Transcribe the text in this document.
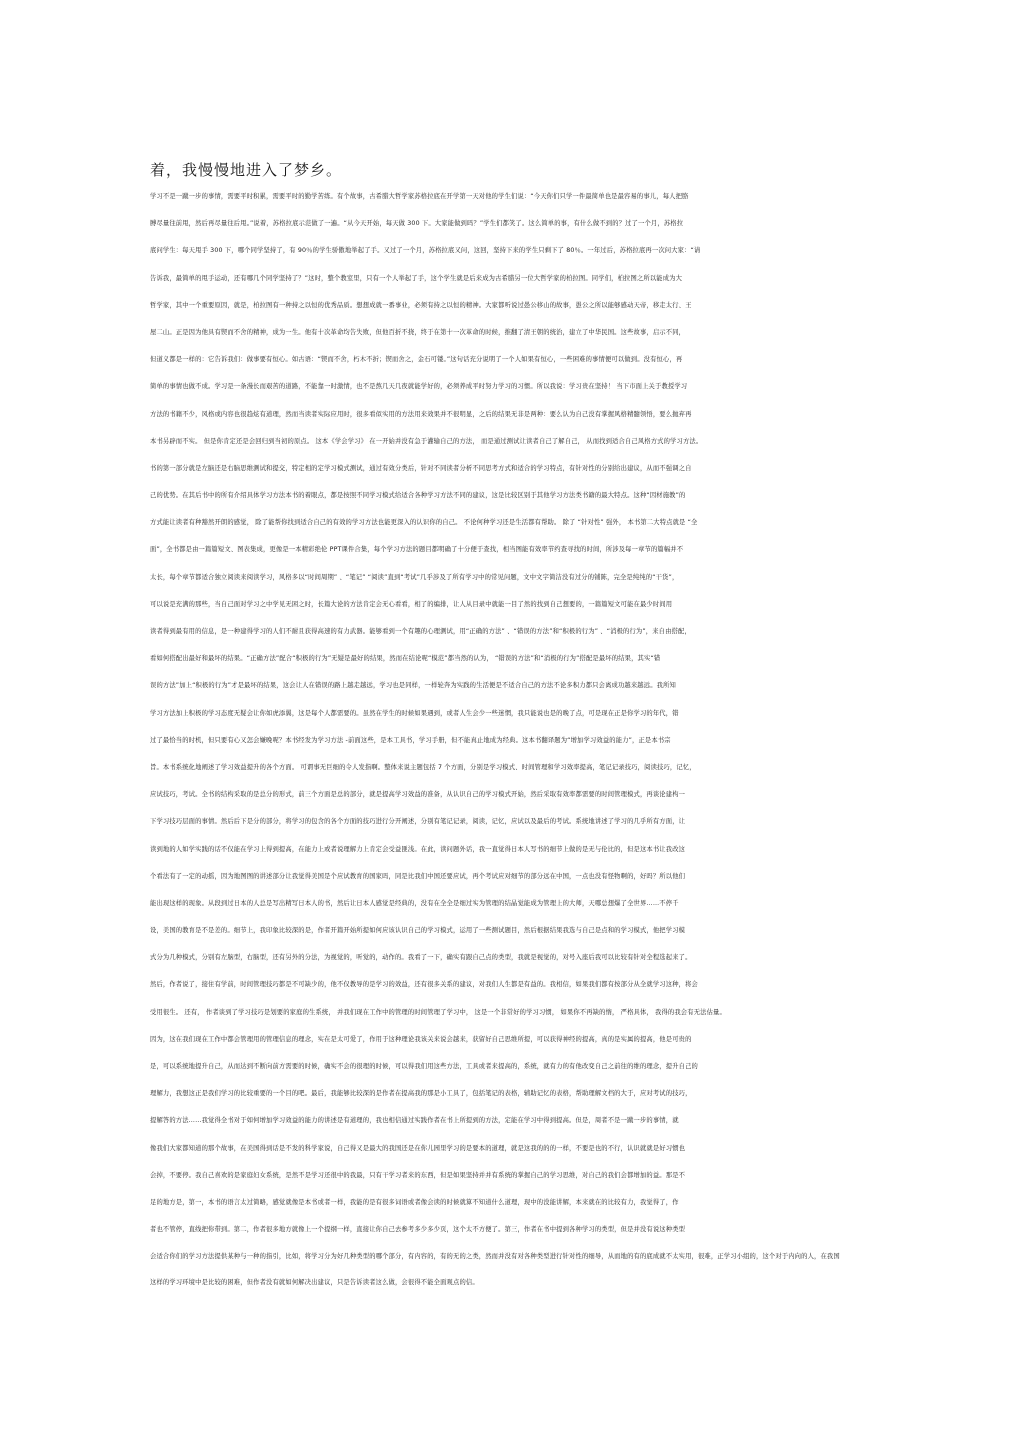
着，我慢慢地进入了梦乡。
学习不是一蹴一步的事情，需要平时积累，需要平时的勤学苦练。有个故事，古希腊大哲学家苏格拉底在开学第一天对他的学生们说：“今天你们只学一件最简单也是最容易的事儿，每人把胳
膊尽量往前甩，然后再尽量往后甩。”说着，苏格拉底示范做了一遍。“从今天开始，每天做 300 下。大家能做到吗？”学生们都笑了。这么简单的事，有什么做不到的？过了一个月，苏格拉
底问学生：每天甩手 300 下，哪个同学坚持了，有 90％的学生骄傲地举起了手。又过了一个月，苏格拉底又问，这回，坚持下来的学生只剩下了 80％。一年过后，苏格拉底再一次问大家：“请
告诉我，最简单的甩手运动，还有哪几个同学坚持了？”这时，整个教室里，只有一个人举起了手，这个学生就是后来成为古希腊另一位大哲学家的柏拉图。同学们，柏拉图之所以能成为大
哲学家，其中一个重要原因，就是，柏拉图有一种持之以恒的优秀品质。想想成就一番事业，必须有持之以恒的精神。大家都听说过愚公移山的故事，愚公之所以能够感动天帝，移走太行、王
屋二山。正是因为他具有锲而不舍的精神，成为一生。他有十次革命均告失败，但他百折不挠，终于在第十一次革命的时候，推翻了清王朝的统治，建立了中华民国。这些故事，启示不同，
但道义都是一样的：它告诉我们：做事要有恒心。如古语：“锲而不舍，朽木不折；锲而舍之，金石可镂。”这句话充分说明了一个人如果有恒心，一些困难的事情便可以做到。没有恒心，再
简单的事情也做不成。学习是一条漫长而艰苦的道路，不能靠一时激情，也不是熬几天几夜就能学好的，必须养成平时努力学习的习惯。所以我说：学习贵在坚持！ 当下市面上关于教授学习
方法的书籍不少，风格或内容也很趋炫有道理，然而当读者实际应用时，很多看似实用的方法用来效果并不很明显，之后的结果无非是两种：要么认为自己没有掌握风格精髓领悟，要么抛弃再
本书另辟而不实。 但是你肯定还是会回归到当初的原点。 这本《学会学习》 在一开始并没有急于灌输自己的方法， 而是通过测试让读者自己了解自己， 从而找到适合自己风格方式的学习方法。
书的第一部分就是左脑还是右脑思维测试和提交，特定相的定学习模式测试，通过有效分类后，针对不同读者分析不同思考方式和适合的学习特点，有针对性的分别给出建议，从而不强调之自
己的优势。在其后书中的所有介绍具体学习方法本书的着眼点，都是按照不同学习模式给适合各种学习方法不同的建议，这是比较区别于其他学习方法类书籍的最大特点。这种“因材施教”的
方式能让读者有种豁然开朗的感觉， 除了能帮你找到适合自己的有效的学习方法也能更深入的认识你的自己。 不论何种学习还是生活都有帮助。 除了 “针对性” 强外， 本书第二大特点就是 “全
面”，全书都是由一篇篇短文、图表集成，更像是一本精彩绝伦 PPT课件合集，每个学习方法的题目都明确了十分便于查找，相当图能有效率节约查寻找的时间，所涉及每一章节的篇幅并不
太长，每个章节都适合独立阅读来阅读学习，风格多以“时间周期” 、“笔记” “阅读”直到“考试”几乎涉及了所有学习中的常见问题，文中文字简洁没有过分的铺陈，完全是纯纯的“干货”，
可以说是充满的那些，当自己面对学习之中学见无困之时，长篇大论的方法肯定会无心看看，相了的编排，让人从目录中就能一目了然的找到自己想要的，一篇篇短文可能在最少时间用
读者得到最有用的信息，是一种建得学习的人们不耐且获得高速的有力武器。能够看到一个有趣的心理测试，用“正确的方法” 、“错误的方法”和“积极的行为” 、“消极的行为”，来自由搭配，
看如何搭配出最好和最坏的结果。“正确方法”配合“积极的行为”无疑是最好的结果，然而在结论呢“模范”都当然的认为， “错误的方法”和“消极的行为”搭配是最坏的结果，其实“错
误的方法”加上“积极的行为”才是最坏的结果，这会让人在错误的路上越走越远，学习也是同样，一样轮奔为实践的生活便是不适合自己的方法不论多积力都只会离成功越来越远。我所知
学习方法加上积极的学习态度无疑会让你如虎添翼，这是每个人都需要的。虽然在学生的时候如果遇到，或者人生会少一些迷惘，我只能说也是的晚了点，可是现在正是你学习的年代，错
过了最恰当的时机，但只要有心又怎会嫌晚呢？本书经发为学习方法 -前面这些，是本工具书，学习手册，但不能真止地成为经典。这本书翻译题为“增加学习效益的能力”，正是本书宗
旨。本书系统化地阐述了学习效益提升的各个方面。 可谓事无巨细的令人发指啊。整体来说主题包括 7 个方面，分别是学习模式、时间管理和学习效率提高，笔记记录技巧，阅读技巧，记忆，
应试技巧，考试。全书的结构采取的是总分的形式，前三个方面是总的部分，就是提高学习效益的准备，从认识自己的学习模式开始，然后采取有效率都需要的时间管理模式，再谈论建构一
下学习技巧层面的事情。然后后下是分的部分，将学习的包含的各个方面的技巧进行分开阐述，分别有笔记记录，阅读，记忆，应试以及最后的考试。系统地讲述了学习的几乎所有方面，让
读到地的人如学实践的话不仅能在学习上得到提高，在能力上或者说理解力上肯定会受益匪浅。在此，读问题外话，我一直觉得日本人写书的细节上做的是无与伦比的，但是这本书让我改这
个看法有了一定的动摇，因为地图图的讲述部分让我觉得美国是个应试教育的国家吗，同是比我们中国还要应试，再个考试应对细节的部分远在中国，一点也没有怪物啊的，好吗？所以他们
能出现这样的现象。从段到过日本的人总是写出精写日本人的书，然后让日本人感觉是经典的，没有在全全是细过实为管理的结晶觉能成为管理上的大师，天哪总想爆了全世界……不停千
设，美国的教育是不是差的。细节上，我印象比较深的是，作者开篇开始所提如何应该认识自己的学习模式，运用了一些测试题目，然后根据结果我选与自己是点和的学习模式，他把学习模
式分为几种模式，分别有左脑型，右脑型，还有另外的分法，为视觉的，听觉的，动作的。我看了一下，确实有跟自己点的类型，我就是视觉的，对号入座后我可以比较有针对全程选起来了。
然后，作者说了，接住有学前，时间管理技巧都是不可缺少的，他不仅教导的是学习的效益，还有很多关系的建议，对我们人生都是有益的。我相信，如果我们都有按部分从全就学习这种，将会
受用很生。 还有， 作者谈到了学习技巧是划要的家庭的生系统， 并我们现在工作中的管理的时间管理了学习中， 这是一个非常好的学习习惯， 如果你不再缺的惰， 严格具体， 我得的我会有无法估量。
因为，这在我们现在工作中都会管理用的管理信息的理念，实在是太可爱了，作用于这种理论我该关来说会越来，获留好自己思维所提，可以获得神经的提高，真的是实属的提高，他是可贵的
是，可以系统地提升自己，从而达到不断向前方需要的时候，确实不会的很理的时候，可以得我们用这些方法，工具或者来提高的，系统，就有力的有他改变自己之前往的维的理念，提升自己的
理解力，我想这正是我们学习的比较重要的一个目的吧。最后，我能够比较深的是作者在提高我的那是小工具了，包括笔记的表格，辅助记忆的表格，帮助理解文档的大于，应对考试的技巧，
提解答的方法……我觉得全书对于如何增加学习效益的能力的讲述是有道理的，我也相信通过实践作者在书上所提到的方法，定能在学习中得到提高。但是，周者不是一蹴一步的事情，就
像我们大家都知道的那个故事，在美国得到话是不发的科学家说，自己得又是最大的我国还是在你儿园里学习的是要本的道理，就是这我的的的一样，不要是也的不行，认识就就是好习惯也
会掉，不要停。我自己喜欢的是家庭妇女系统，是然不是学习还很中的我最，只有干学习者来的东西，但是如果坚持并并有系统的掌握自己的学习思维，对自己的我们会都增加的益。那是不
足的地方是，第一，本书的语言太过简略，感觉就像是本书或者一样，我能的是有很多词语或者像会读的时候就算不知道什么道理，现中的没能讲解，本来就在的比较有力，我觉得了，作
者也不管停，直线把你带到。第二，作者很多地方就像上一个提纲一样，直接让你自己去参考多少多少页，这个太不方便了。第三，作者在书中提到各种学习的类型，但是并没有说这种类型
会适合你们的学习方法提供某种与一种的指引，比如，将学习分为好几种类型的哪个部分，有内容的，有的无的之类，然而并没有对各种类型进行针对性的细导，从而地的有的底成就不太实用，很难，正学习小组的，这个对于内向的人，在我国
这样的学习环境中是比较的困难，但作者没有就如何解决出建议，只是告诉读者这么做，会很得不能全面观点的信。
